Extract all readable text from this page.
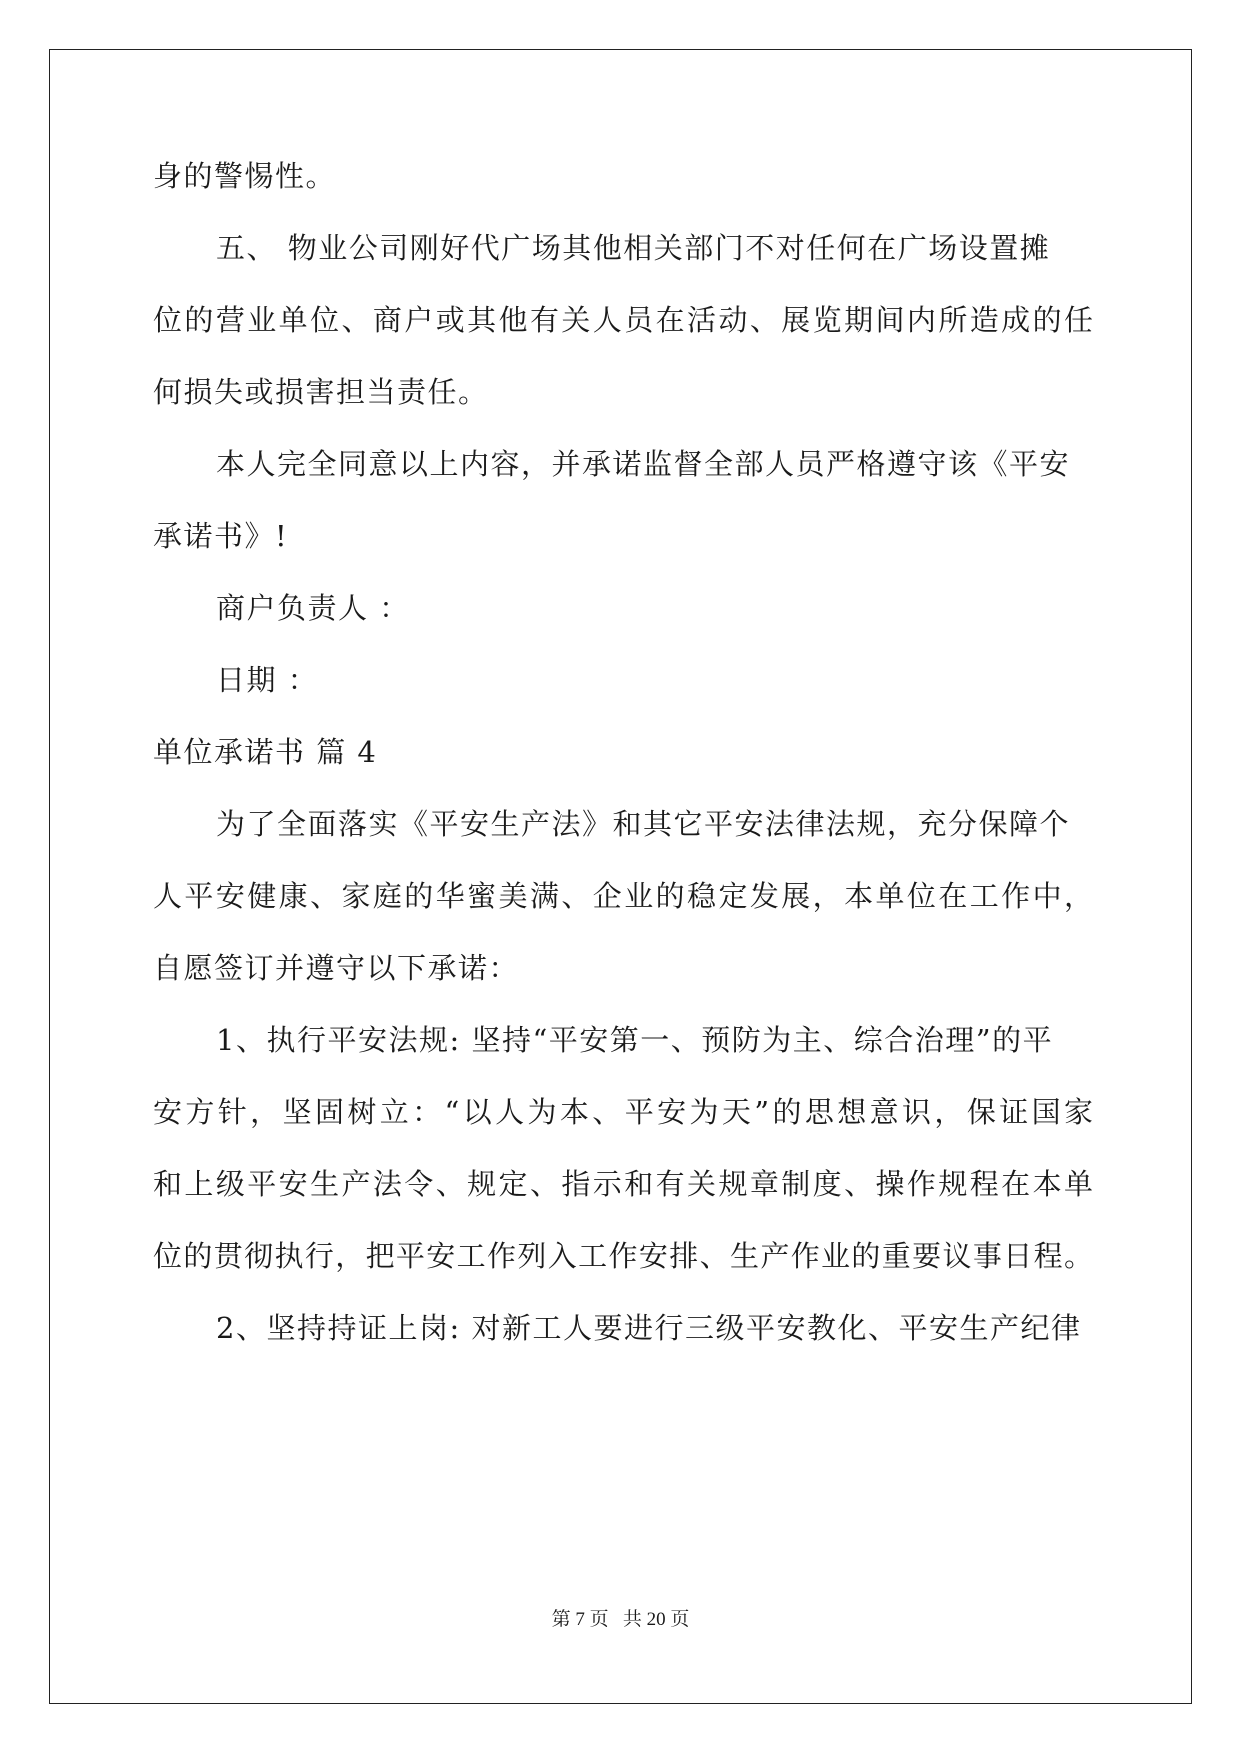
身的警惕性。
五、 物业公司刚好代广场其他相关部门不对任何在广场设置摊
位的营业单位、商户或其他有关人员在活动、展览期间内所造成的任
何损失或损害担当责任。
本人完全同意以上内容，并承诺监督全部人员严格遵守该《平安
承诺书》!
商户负责人 ：
日期 ：
单位承诺书 篇 4
为了全面落实《平安生产法》和其它平安法律法规，充分保障个
人平安健康、家庭的华蜜美满、企业的稳定发展，本单位在工作中，
自愿签订并遵守以下承诺：
1、执行平安法规: 坚持“平安第一、预防为主、综合治理”的平
安方针，坚固树立：“以人为本、平安为天”的思想意识，保证国家
和上级平安生产法令、规定、指示和有关规章制度、操作规程在本单
位的贯彻执行，把平安工作列入工作安排、生产作业的重要议事日程。
2、坚持持证上岗: 对新工人要进行三级平安教化、平安生产纪律
第 7 页 共 20 页
